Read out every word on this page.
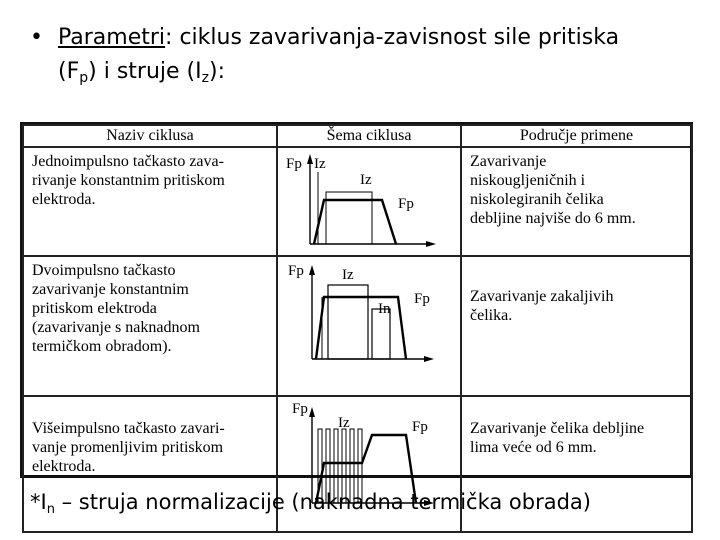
• Parametri: ciklus zavarivanja-zavisnost sile pritiska
$(F_p)$ i struje $(I_z)$:
Naziv ciklusa	Šema ciklusa	Područje primene

Jednoimpulsno tačkasto zava-
rivanje konstantnim pritiskom
elektroda.	Fp Iz
Iz
Fp	Zavarivanje
niskougljeničnih i
niskolegiranih čelika
debljine najviše do 6 mm.

Dvoimpulsno tačkasto
zavarivanje konstantnim
pritiskom elektroda
(zavarivanje s naknadnom
termičkom obradom).	Fp Iz
In
Fp	Zavarivanje zakaljivih
čelika.

Višeimpulsno tačkasto zavari-
vanje promenljivim pritiskom
elektroda.	Fp
Iz Fp	Zavarivanje čelika debljine
lima veće od 6 mm.
$*I_n$ – struja normalizacije (naknadna termička obrada)
